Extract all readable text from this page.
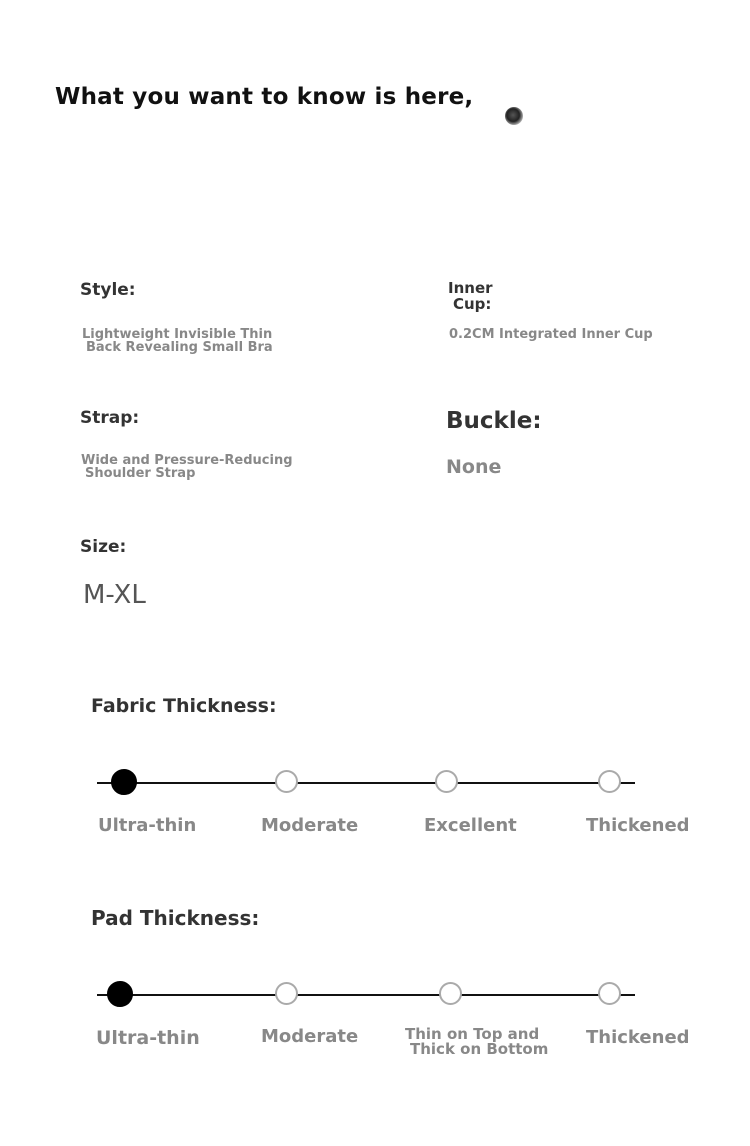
What you want to know is here,
Style:
Lightweight Invisible Thin
Back Revealing Small Bra
Inner
Cup:
0.2CM Integrated Inner Cup
Strap:
Wide and Pressure-Reducing
Shoulder Strap
Buckle:
None
Size:
M-XL
Fabric Thickness:
Ultra-thin	Moderate	Excellent	Thickened
Pad Thickness:
Ultra-thin	Moderate	Thin on Top and
Thick on Bottom
Thickened
